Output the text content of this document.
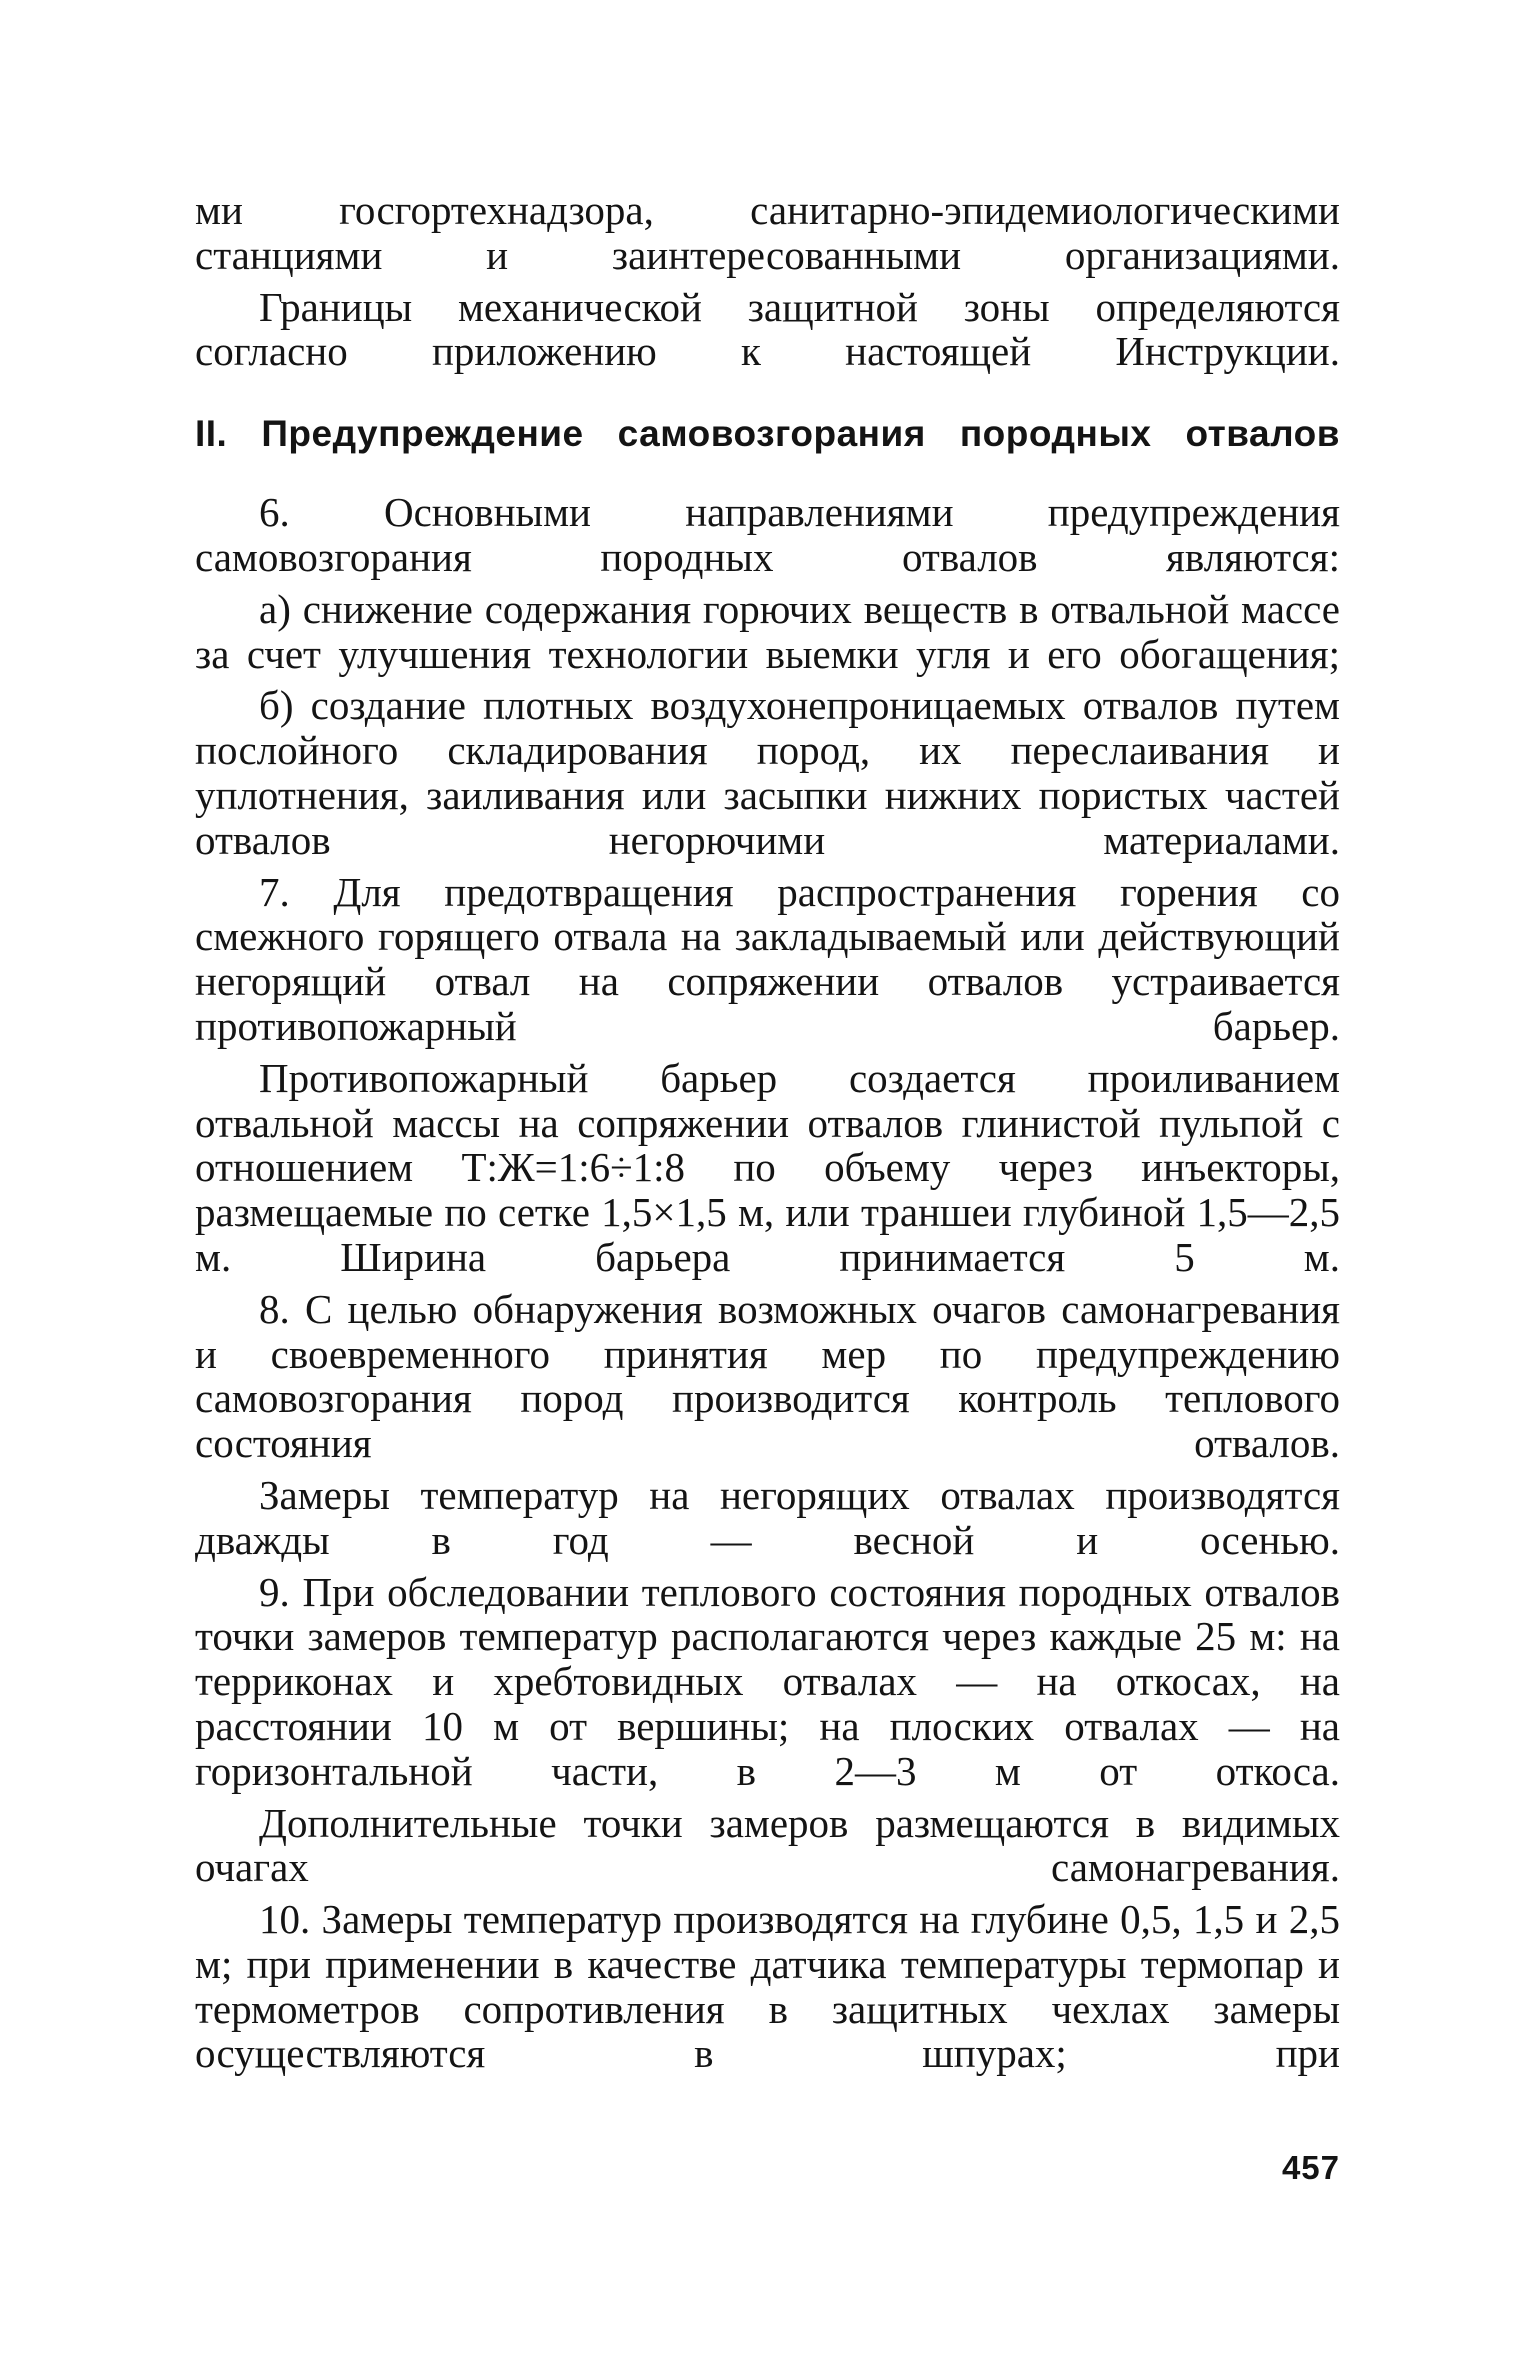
ми госгортехнадзора, санитарно-эпидемиологическими станциями и заинтересованными организациями.

Границы механической защитной зоны определяются согласно приложению к настоящей Инструкции.

II. Предупреждение самовозгорания породных отвалов

6. Основными направлениями предупреждения самовозгорания породных отвалов являются:

а) снижение содержания горючих веществ в отвальной массе за счет улучшения технологии выемки угля и его обогащения;

б) создание плотных воздухонепроницаемых отвалов путем послойного складирования пород, их переслаивания и уплотнения, заиливания или засыпки нижних пористых частей отвалов негорючими материалами.

7. Для предотвращения распространения горения со смежного горящего отвала на закладываемый или действующий негорящий отвал на сопряжении отвалов устраивается противопожарный барьер.

Противопожарный барьер создается проиливанием отвальной массы на сопряжении отвалов глинистой пульпой с отношением Т:Ж=1:6÷1:8 по объему через инъекторы, размещаемые по сетке 1,5×1,5 м, или траншеи глубиной 1,5—2,5 м. Ширина барьера принимается 5 м.

8. С целью обнаружения возможных очагов самонагревания и своевременного принятия мер по предупреждению самовозгорания пород производится контроль теплового состояния отвалов.

Замеры температур на негорящих отвалах производятся дважды в год — весной и осенью.

9. При обследовании теплового состояния породных отвалов точки замеров температур располагаются через каждые 25 м: на терриконах и хребтовидных отвалах — на откосах, на расстоянии 10 м от вершины; на плоских отвалах — на горизонтальной части, в 2—3 м от откоса.

Дополнительные точки замеров размещаются в видимых очагах самонагревания.

10. Замеры температур производятся на глубине 0,5, 1,5 и 2,5 м; при применении в качестве датчика температуры термопар и термометров сопротивления в защитных чехлах замеры осуществляются в шпурах; при

457
